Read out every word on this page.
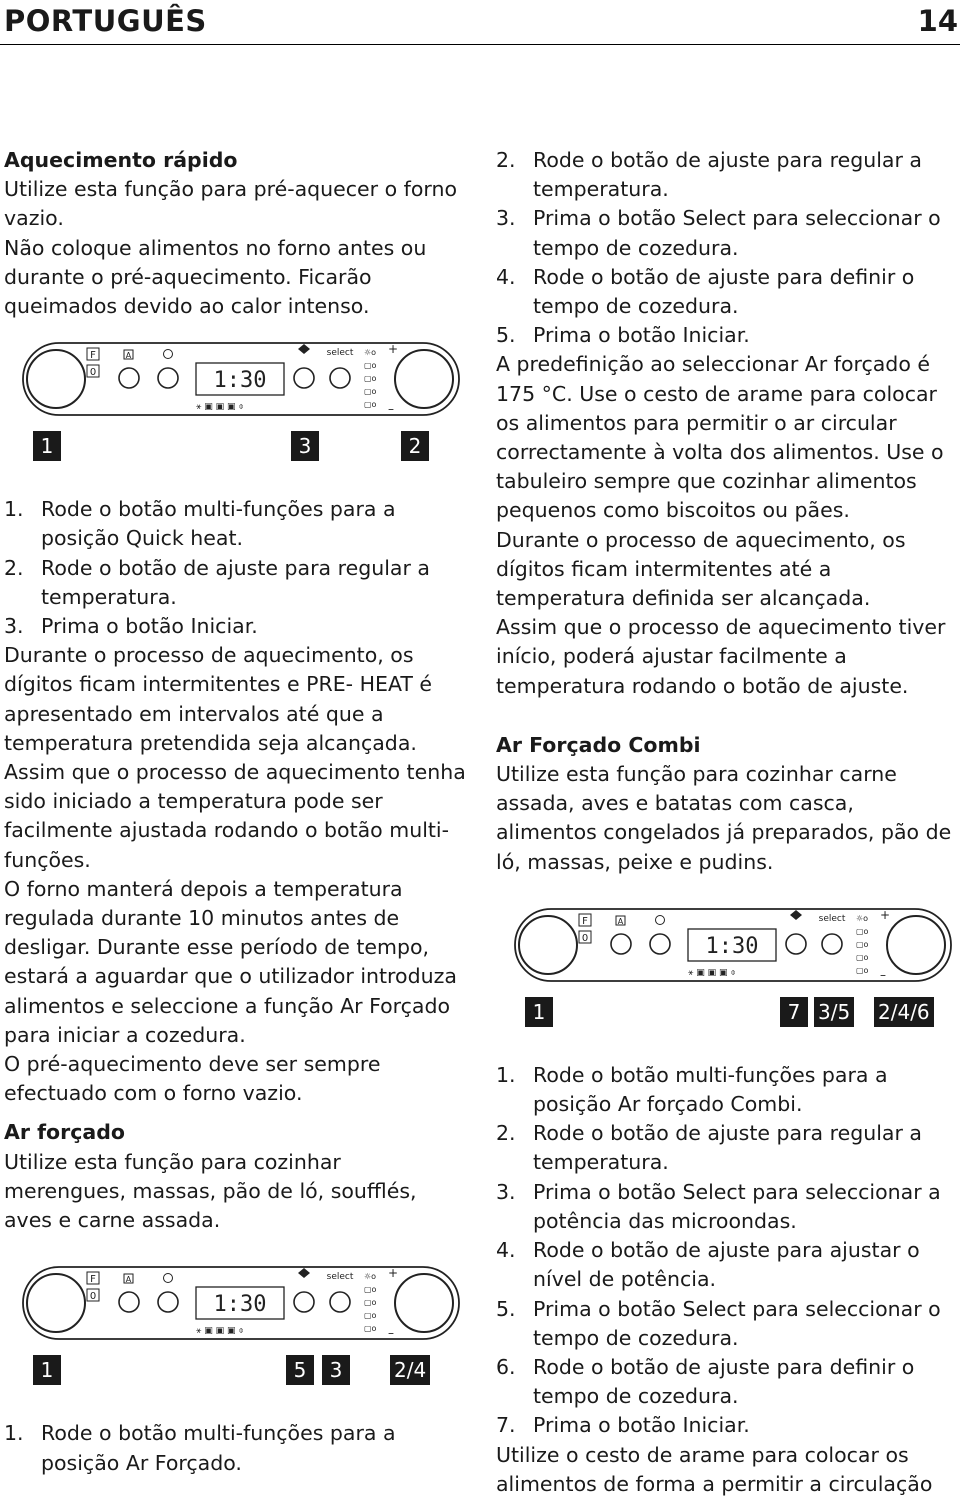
PORTUGUÊS	14

Aquecimento rápido

Utilize esta função para pré-aquecer o forno vazio.

Não coloque alimentos no forno antes ou durante o pré-aquecimento. Ficarão queimados devido ao calor intenso.

F
0
A
1:30
⚹ ▣ ▣ ▣ ⌽
select ☼o
▢o
▢o
▢o
▢o
+
–
1	3	2
1. Rode o botão multi-funções para a posição Quick heat.
2. Rode o botão de ajuste para regular a temperatura.
3. Prima o botão Iniciar.

Durante o processo de aquecimento, os dígitos ficam intermitentes e PRE- HEAT é apresentado em intervalos até que a temperatura pretendida seja alcançada.

Assim que o processo de aquecimento tenha sido iniciado a temperatura pode ser facilmente ajustada rodando o botão multi-funções.

O forno manterá depois a temperatura regulada durante 10 minutos antes de desligar. Durante esse período de tempo, estará a aguardar que o utilizador introduza alimentos e seleccione a função Ar Forçado para iniciar a cozedura.

O pré-aquecimento deve ser sempre efectuado com o forno vazio.

Ar forçado

Utilize esta função para cozinhar merengues, massas, pão de ló, soufflés, aves e carne assada.

F
0
A
1:30
⚹ ▣ ▣ ▣ ⌽
select ☼o
▢o
▢o
▢o
▢o
+
–
1	5	3	2/4
1. Rode o botão multi-funções para a posição Ar Forçado.
2. Rode o botão de ajuste para regular a temperatura.
3. Prima o botão Select para seleccionar o tempo de cozedura.
4. Rode o botão de ajuste para definir o tempo de cozedura.
5. Prima o botão Iniciar.

A predefinição ao seleccionar Ar forçado é 175 °C. Use o cesto de arame para colocar os alimentos para permitir o ar circular correctamente à volta dos alimentos. Use o tabuleiro sempre que cozinhar alimentos pequenos como biscoitos ou pães.

Durante o processo de aquecimento, os dígitos ficam intermitentes até a temperatura definida ser alcançada.

Assim que o processo de aquecimento tiver início, poderá ajustar facilmente a temperatura rodando o botão de ajuste.

Ar Forçado Combi

Utilize esta função para cozinhar carne assada, aves e batatas com casca, alimentos congelados já preparados, pão de ló, massas, peixe e pudins.

F
0
A
1:30
⚹ ▣ ▣ ▣ ⌽
select ☼o
▢o
▢o
▢o
▢o
+
–
1	7 3/5 2/4/6
1. Rode o botão multi-funções para a posição Ar forçado Combi.
2. Rode o botão de ajuste para regular a temperatura.
3. Prima o botão Select para seleccionar a potência das microondas.
4. Rode o botão de ajuste para ajustar o nível de potência.
5. Prima o botão Select para seleccionar o tempo de cozedura.
6. Rode o botão de ajuste para definir o tempo de cozedura.
7. Prima o botão Iniciar.

Utilize o cesto de arame para colocar os alimentos de forma a permitir a circulação
